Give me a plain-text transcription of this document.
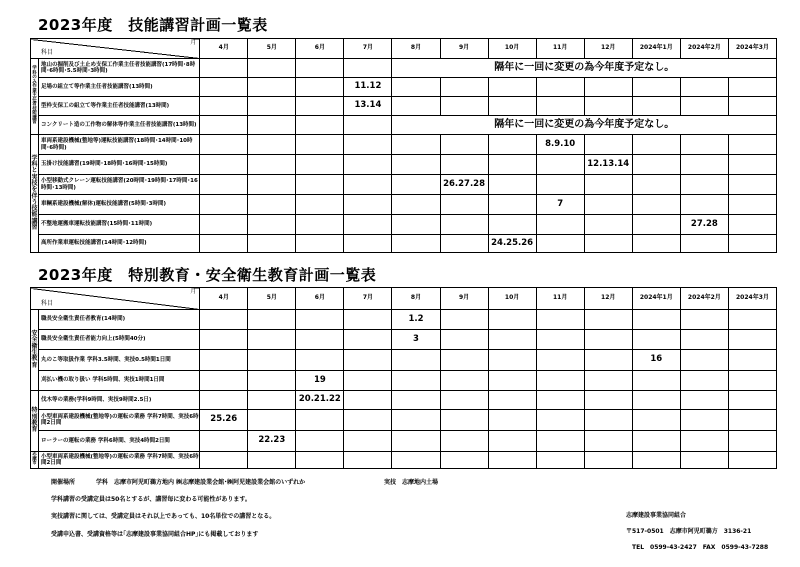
2023年度　技能講習計画一覧表
月
科目		4月	5月	6月	7月	8月	9月	10月	11月	12月	2024年1月	2024年2月	2024年3月
学科のみ作業主任者技能講習	地山の掘削及び土止め支保工作業主任者技能講習(17時間･8時間･6時間･5.5時間･3時間)					隔年に一回に変更の為今年度予定なし。							
	足場の組立て等作業主任者技能講習(13時間)				11.12								
	型枠支保工の組立て等作業主任者技能講習(13時間)				13.14								
	コンクリート造の工作物の解体等作業主任者技能講習(13時間)					隔年に一回に変更の為今年度予定なし。							
学科と実技を伴う技能講習	車両系建設機械(整地等)運転技能講習(18時間･14時間･10時間･6時間)								8.9.10				
	玉掛け技能講習(19時間･18時間･16時間･15時間)									12.13.14			
	小型移動式クレーン運転技能講習(20時間･19時間･17時間･16時間･13時間)						26.27.28						
	車輌系建設機械(解体)運転技能講習(5時間･3時間)								7				
	不整地運搬車運転技能講習(15時間･11時間)											27.28	
	高所作業車運転技能講習(14時間･12時間)							24.25.26					
2023年度　特別教育・安全衛生教育計画一覧表
月
科目		4月	5月	6月	7月	8月	9月	10月	11月	12月	2024年1月	2024年2月	2024年3月
安全衛生教育	職長安全衛生責任者教育(14時間)					1.2							
	職長安全衛生責任者能力向上(5時間40分)					3							
	丸のこ等取扱作業 学科3.5時間、実技0.5時間1日間										16		
	刈払い機の取り扱い 学科5時間、実技1時間1日間			19									
特別教育	伐木等の業務(学科9時間、実技9時間2.5日)			20.21.22									
	小型車両系建設機械(整地等)の運転の業務 学科7時間、実技6時間2日間	25.26											
	ローラーの運転の業務 学科6時間、実技4時間2日間		22.23										
志摩市	小型車両系建設機械(整地等)の運転の業務 学科7時間、実技6時間2日間												
開催場所	学科　志摩市阿児町鵜方地内 ㈱志摩建設業会館･㈱阿児建設業会館のいずれか	実技　志摩地内土場
学科講習の受講定員は50名とするが、講習毎に変わる可能性があります。
実技講習に関しては、受講定員はそれ以上であっても、10名単位での講習となる。
受講申込書、受講資格等は｢志摩建設事業協同組合HP｣にも掲載しております
志摩建設事業協同組合
〒517-0501　志摩市阿児町鵜方　3136-21
TEL　0599-43-2427　FAX　0599-43-7288
